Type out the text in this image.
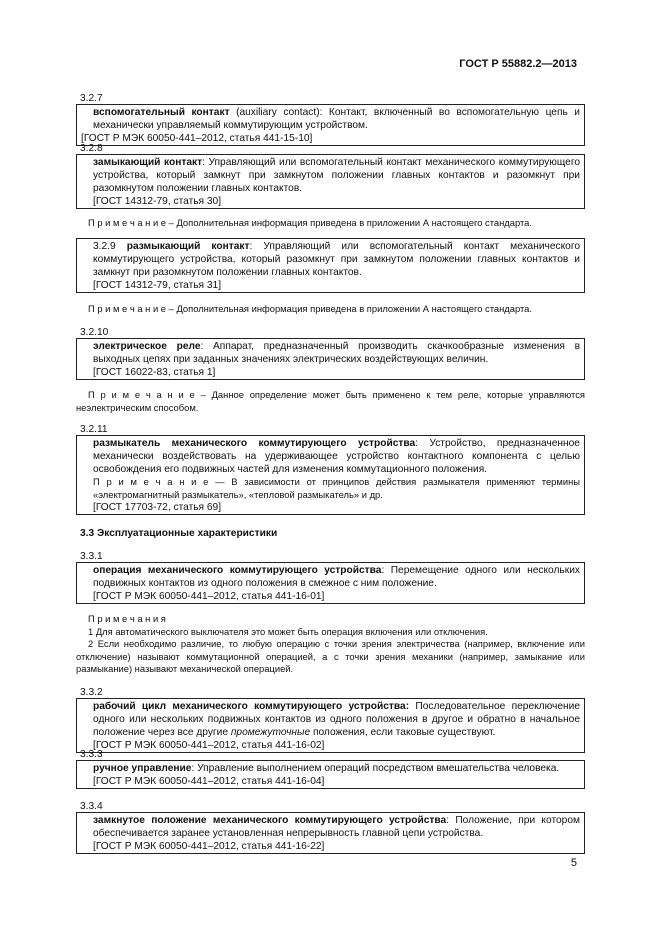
ГОСТ Р 55882.2—2013
3.2.7
вспомогательный контакт (auxiliary contact): Контакт, включенный во вспомогательную цепь и механически управляемый коммутирующим устройством.
[ГОСТ Р МЭК 60050-441–2012, статья 441-15-10]
3.2.8
замыкающий контакт: Управляющий или вспомогательный контакт механического коммутирующего устройства, который замкнут при замкнутом положении главных контактов и разомкнут при разомкнутом положении главных контактов.
[ГОСТ 14312-79, статья 30]
П р и м е ч а н и е – Дополнительная информация приведена в приложении А настоящего стандарта.
3.2.9 размыкающий контакт: Управляющий или вспомогательный контакт механического коммутирующего устройства, который разомкнут при замкнутом положении главных контактов и замкнут при разомкнутом положении главных контактов.
[ГОСТ 14312-79, статья 31]
П р и м е ч а н и е – Дополнительная информация приведена в приложении А настоящего стандарта.
3.2.10
электрическое реле: Аппарат, предназначенный производить скачкообразные изменения в выходных цепях при заданных значениях электрических воздействующих величин.
[ГОСТ 16022-83, статья 1]
П р и м е ч а н и е – Данное определение может быть применено к тем реле, которые управляются неэлектрическим способом.
3.2.11
размыкатель механического коммутирующего устройства: Устройство, предназначенное механически воздействовать на удерживающее устройство контактного компонента с целью освобождения его подвижных частей для изменения коммутационного положения.
П р и м е ч а н и е — В зависимости от принципов действия размыкателя применяют термины «электромагнитный размыкатель», «тепловой размыкатель» и др.
[ГОСТ 17703-72, статья 69]
3.3 Эксплуатационные характеристики
3.3.1
операция механического коммутирующего устройства: Перемещение одного или нескольких подвижных контактов из одного положения в смежное с ним положение.
[ГОСТ Р МЭК 60050-441–2012, статья 441-16-01]
П р и м е ч а н и я
1 Для автоматического выключателя это может быть операция включения или отключения.
2 Если необходимо различие, то любую операцию с точки зрения электричества (например, включение или отключение) называют коммутационной операцией, а с точки зрения механики (например, замыкание или размыкание) называют механической операцией.
3.3.2
рабочий цикл механического коммутирующего устройства: Последовательное переключение одного или нескольких подвижных контактов из одного положения в другое и обратно в начальное положение через все другие промежуточные положения, если таковые существуют.
[ГОСТ Р МЭК 60050-441–2012, статья 441-16-02]
3.3.3
ручное управление: Управление выполнением операций посредством вмешательства человека.
[ГОСТ Р МЭК 60050-441–2012, статья 441-16-04]
3.3.4
замкнутое положение механического коммутирующего устройства: Положение, при котором обеспечивается заранее установленная непрерывность главной цепи устройства.
[ГОСТ Р МЭК 60050-441–2012, статья 441-16-22]
5
